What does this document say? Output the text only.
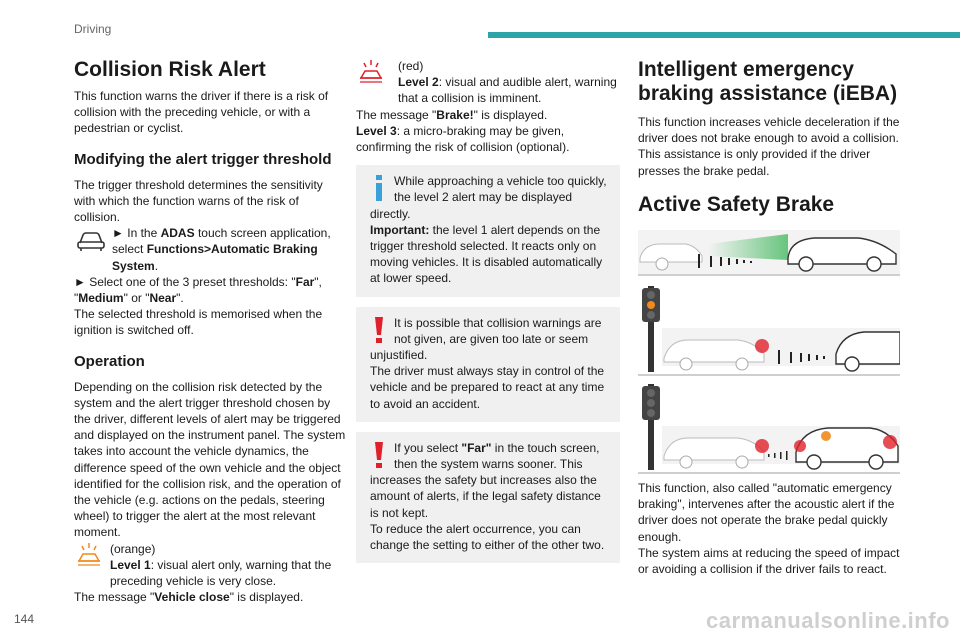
Driving
Collision Risk Alert

This function warns the driver if there is a risk of collision with the preceding vehicle, or with a pedestrian or cyclist.

Modifying the alert trigger threshold

The trigger threshold determines the sensitivity with which the function warns of the risk of collision.

► In the ADAS touch screen application, select Functions>Automatic Braking System.

► Select one of the 3 preset thresholds: "Far", "Medium" or "Near".

The selected threshold is memorised when the ignition is switched off.

Operation

Depending on the collision risk detected by the system and the alert trigger threshold chosen by the driver, different levels of alert may be triggered and displayed on the instrument panel. The system takes into account the vehicle dynamics, the difference speed of the own vehicle and the object identified for the collision risk, and the operation of the vehicle (e.g. actions on the pedals, steering wheel) to trigger the alert at the most relevant moment.

(orange)
Level 1: visual alert only, warning that the preceding vehicle is very close.

The message "Vehicle close" is displayed.

(red)
Level 2: visual and audible alert, warning that a collision is imminent.

The message "Brake!" is displayed.

Level 3: a micro-braking may be given, confirming the risk of collision (optional).

While approaching a vehicle too quickly, the level 2 alert may be displayed directly.

Important: the level 1 alert depends on the trigger threshold selected. It reacts only on moving vehicles. It is disabled automatically at lower speed.

It is possible that collision warnings are not given, are given too late or seem unjustified.

The driver must always stay in control of the vehicle and be prepared to react at any time to avoid an accident.

If you select "Far" in the touch screen, then the system warns sooner. This increases the safety but increases also the amount of alerts, if the legal safety distance is not kept.

To reduce the alert occurrence, you can change the setting to either of the other two.

Intelligent emergency braking assistance (iEBA)

This function increases vehicle deceleration if the driver does not brake enough to avoid a collision.

This assistance is only provided if the driver presses the brake pedal.

Active Safety Brake

This function, also called "automatic emergency braking", intervenes after the acoustic alert if the driver does not operate the brake pedal quickly enough.

The system aims at reducing the speed of impact or avoiding a collision if the driver fails to react.

144	carmanualsonline.info
